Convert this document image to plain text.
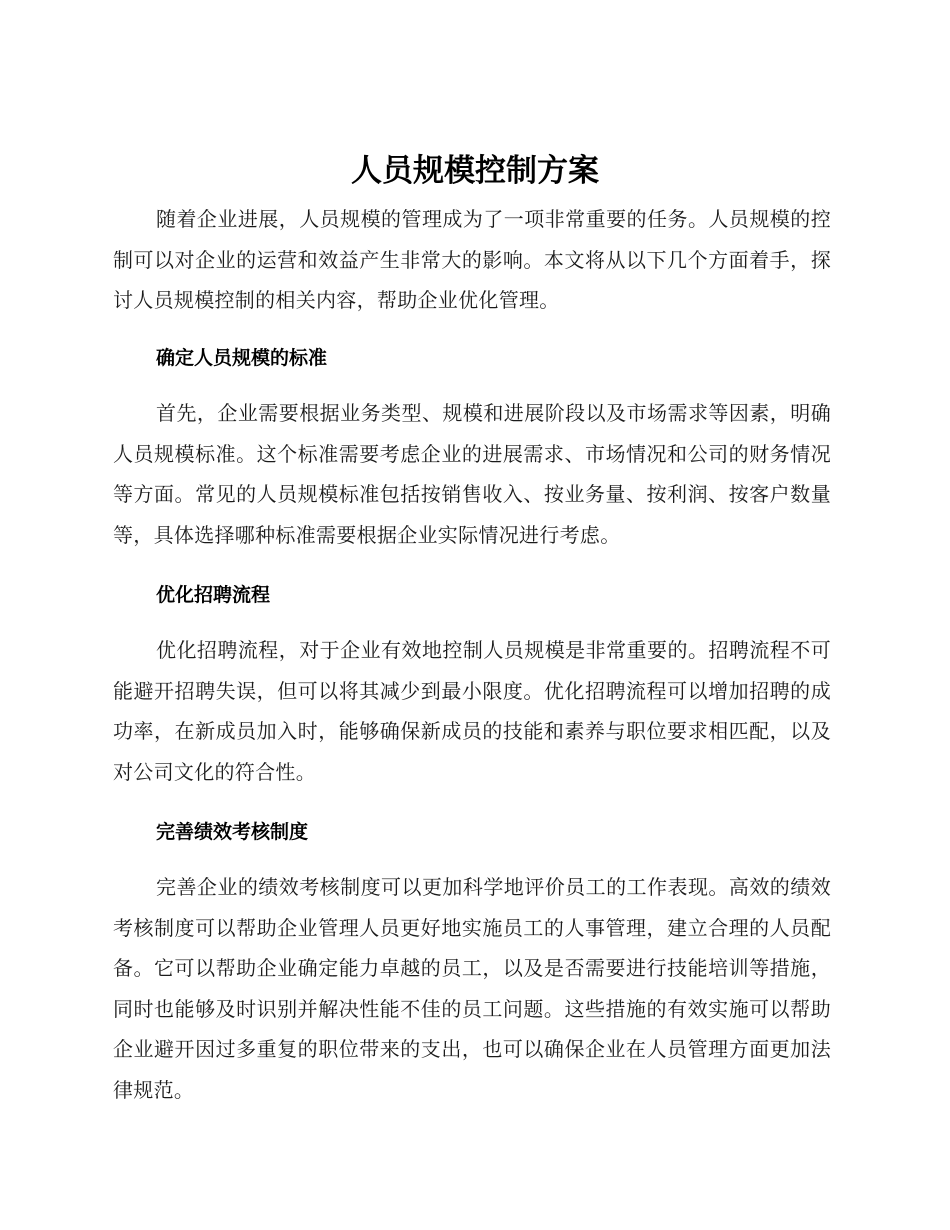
人员规模控制方案

随着企业进展，人员规模的管理成为了一项非常重要的任务。人员规模的控制可以对企业的运营和效益产生非常大的影响。本文将从以下几个方面着手，探讨人员规模控制的相关内容，帮助企业优化管理。

确定人员规模的标准

首先，企业需要根据业务类型、规模和进展阶段以及市场需求等因素，明确人员规模标准。这个标准需要考虑企业的进展需求、市场情况和公司的财务情况等方面。常见的人员规模标准包括按销售收入、按业务量、按利润、按客户数量等，具体选择哪种标准需要根据企业实际情况进行考虑。

优化招聘流程

优化招聘流程，对于企业有效地控制人员规模是非常重要的。招聘流程不可能避开招聘失误，但可以将其减少到最小限度。优化招聘流程可以增加招聘的成功率，在新成员加入时，能够确保新成员的技能和素养与职位要求相匹配，以及对公司文化的符合性。

完善绩效考核制度

完善企业的绩效考核制度可以更加科学地评价员工的工作表现。高效的绩效考核制度可以帮助企业管理人员更好地实施员工的人事管理，建立合理的人员配备。它可以帮助企业确定能力卓越的员工，以及是否需要进行技能培训等措施，同时也能够及时识别并解决性能不佳的员工问题。这些措施的有效实施可以帮助企业避开因过多重复的职位带来的支出，也可以确保企业在人员管理方面更加法律规范。
